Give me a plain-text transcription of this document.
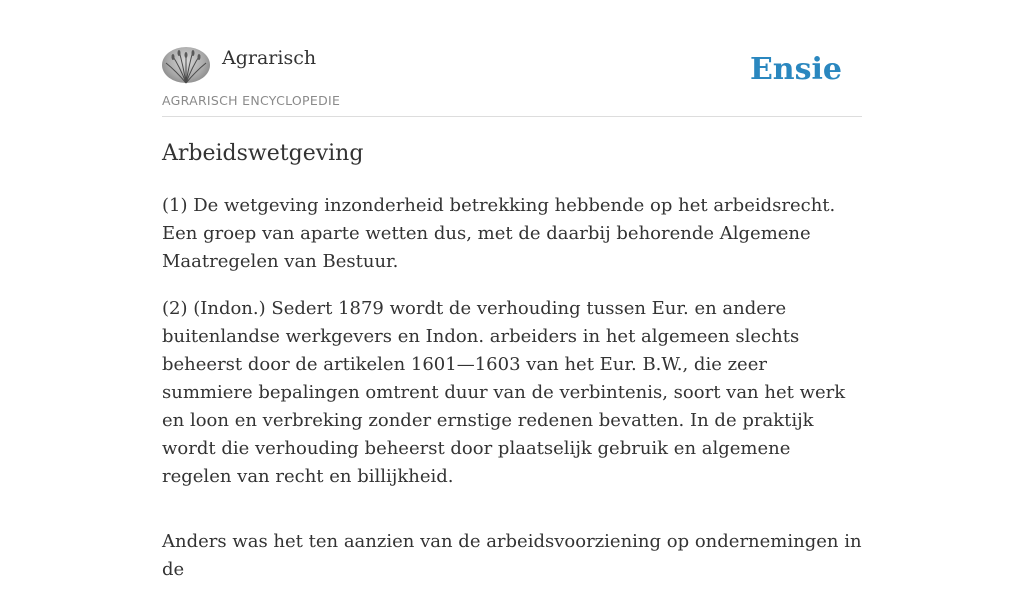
Agrarisch
AGRARISCH ENCYCLOPEDIE
Ensie
Arbeidswetgeving

(1) De wetgeving inzonderheid betrekking hebbende op het arbeidsrecht. Een groep van aparte wetten dus, met de daarbij behorende Algemene Maatregelen van Bestuur.

(2) (Indon.) Sedert 1879 wordt de verhouding tussen Eur. en andere buitenlandse werkgevers en Indon. arbeiders in het algemeen slechts beheerst door de artikelen 1601—1603 van het Eur. B.W., die zeer summiere bepalingen omtrent duur van de verbintenis, soort van het werk en loon en verbreking zonder ernstige redenen bevatten. In de praktijk wordt die verhouding beheerst door plaatselijk gebruik en algemene regelen van recht en billijkheid.

Anders was het ten aanzien van de arbeidsvoorziening op ondernemingen in de
